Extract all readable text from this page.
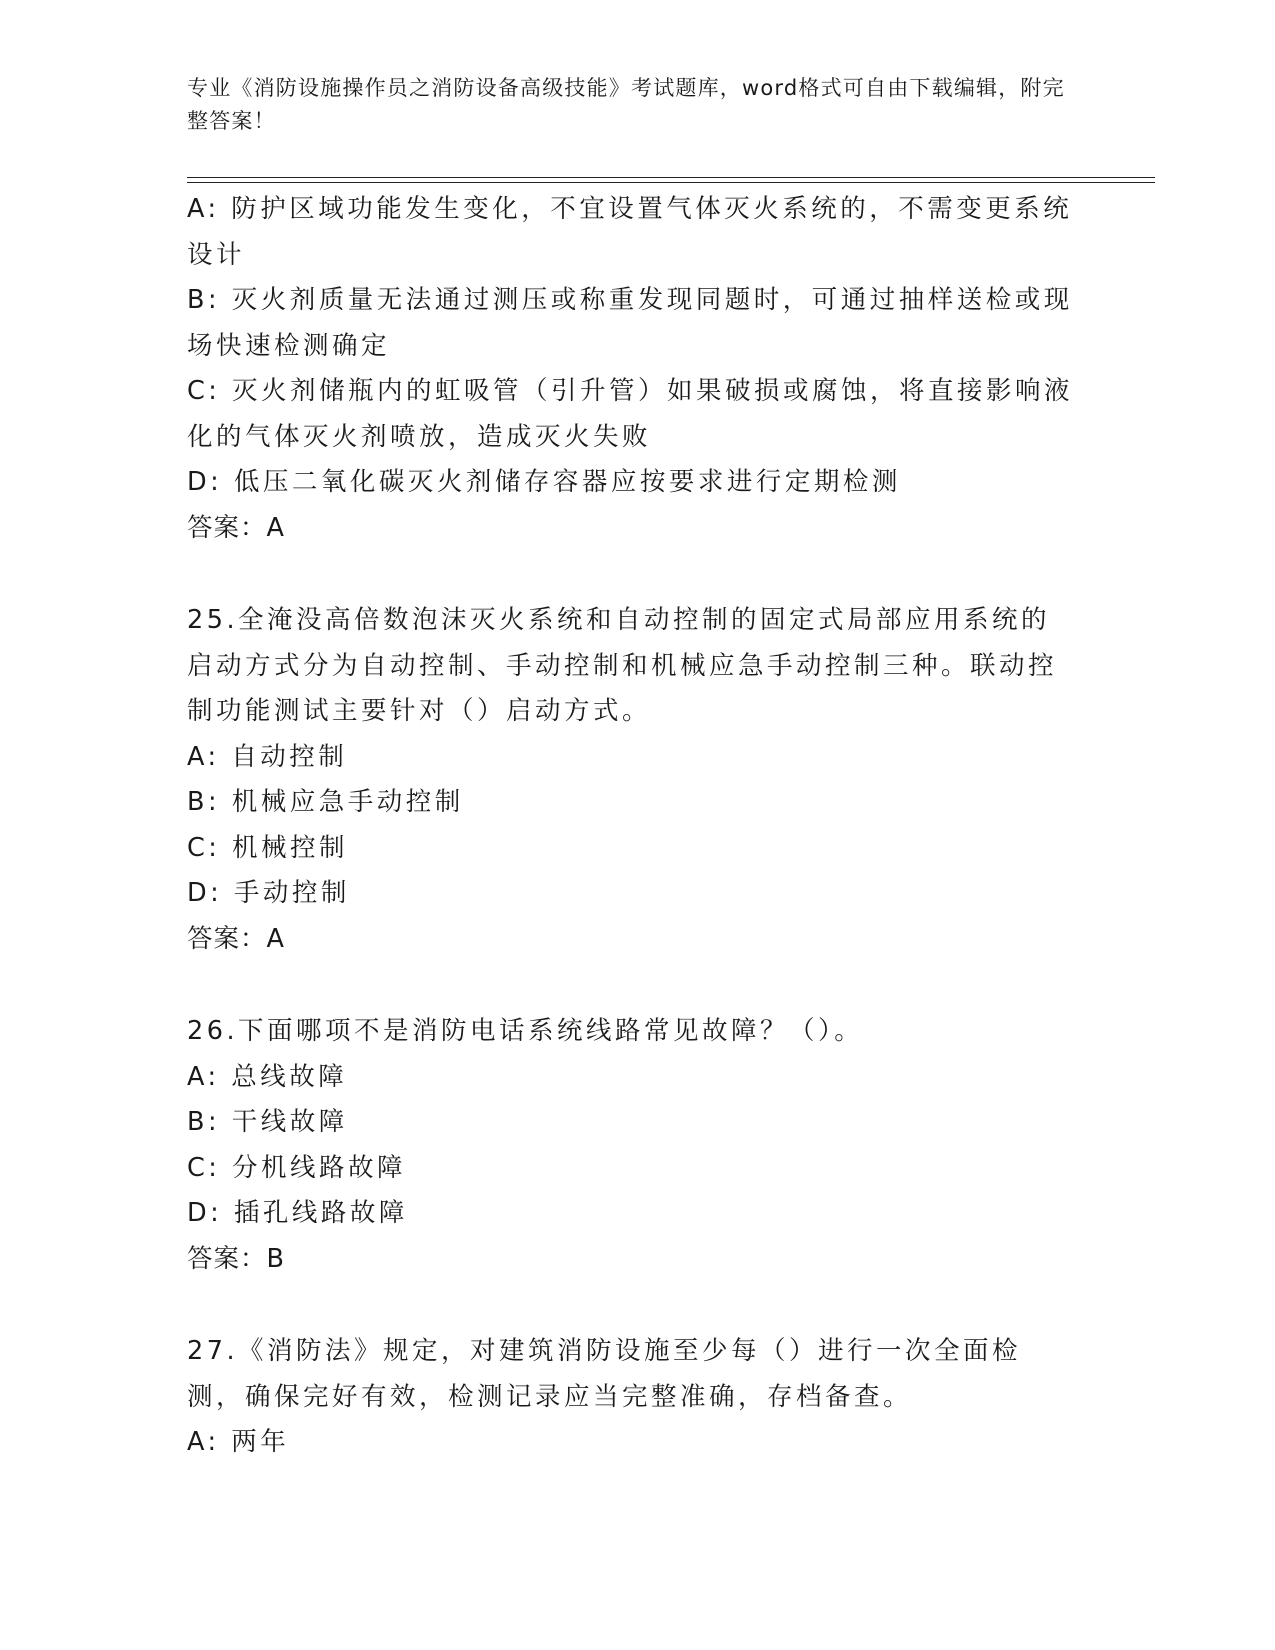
专业《消防设施操作员之消防设备高级技能》考试题库，word格式可自由下载编辑，附完整答案！
A: 防护区域功能发生变化，不宜设置气体灭火系统的，不需变更系统设计
B: 灭火剂质量无法通过测压或称重发现同题时，可通过抽样送检或现场快速检测确定
C: 灭火剂储瓶内的虹吸管（引升管）如果破损或腐蚀，将直接影响液化的气体灭火剂喷放，造成灭火失败
D: 低压二氧化碳灭火剂储存容器应按要求进行定期检测
答案：A
25.全淹没高倍数泡沫灭火系统和自动控制的固定式局部应用系统的启动方式分为自动控制、手动控制和机械应急手动控制三种。联动控制功能测试主要针对（）启动方式。
A: 自动控制
B: 机械应急手动控制
C: 机械控制
D: 手动控制
答案：A
26.下面哪项不是消防电话系统线路常见故障？（）。
A: 总线故障
B: 干线故障
C: 分机线路故障
D: 插孔线路故障
答案：B
27.《消防法》规定，对建筑消防设施至少每（）进行一次全面检测，确保完好有效，检测记录应当完整准确，存档备查。
A: 两年
